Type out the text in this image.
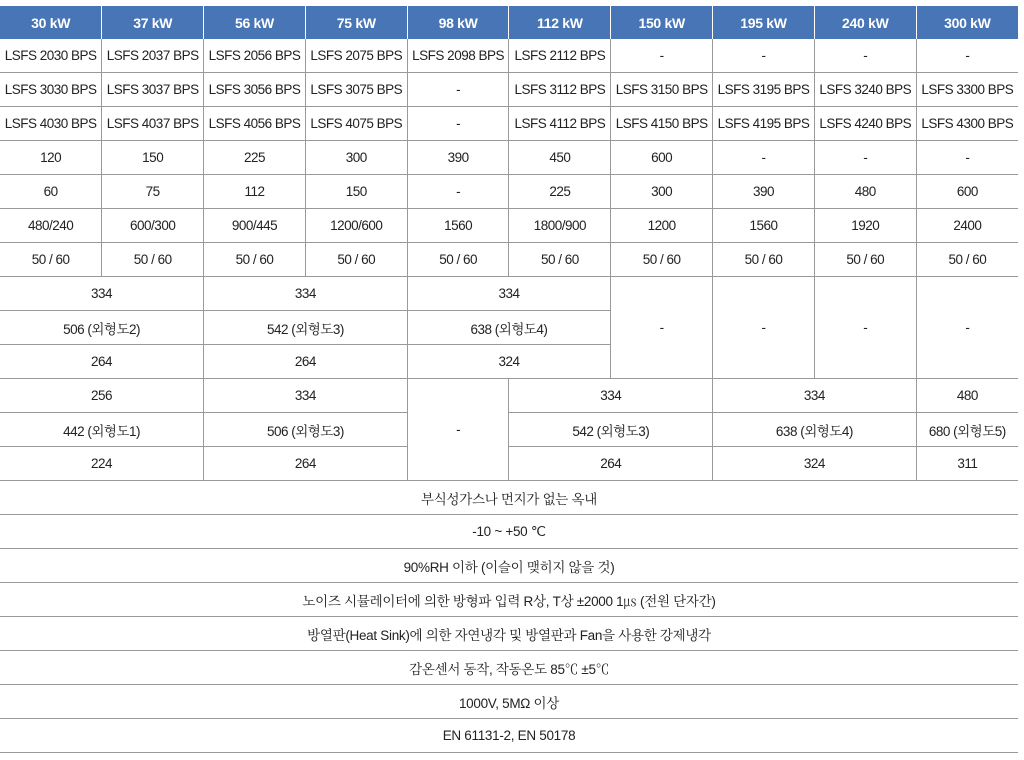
30 kW	37 kW	56 kW	75 kW	98 kW	112 kW	150 kW	195 kW	240 kW	300 kW
LSFS 2030 BPS	LSFS 2037 BPS	LSFS 2056 BPS	LSFS 2075 BPS	LSFS 2098 BPS	LSFS 2112 BPS	-	-	-	-
LSFS 3030 BPS	LSFS 3037 BPS	LSFS 3056 BPS	LSFS 3075 BPS	-	LSFS 3112 BPS	LSFS 3150 BPS	LSFS 3195 BPS	LSFS 3240 BPS	LSFS 3300 BPS
LSFS 4030 BPS	LSFS 4037 BPS	LSFS 4056 BPS	LSFS 4075 BPS	-	LSFS 4112 BPS	LSFS 4150 BPS	LSFS 4195 BPS	LSFS 4240 BPS	LSFS 4300 BPS
120	150	225	300	390	450	600	-	-	-
60	75	112	150	-	225	300	390	480	600
480/240	600/300	900/445	1200/600	1560	1800/900	1200	1560	1920	2400
50 / 60	50 / 60	50 / 60	50 / 60	50 / 60	50 / 60	50 / 60	50 / 60	50 / 60	50 / 60
334		334		334		-	-	-	-
506 (외형도2)		542 (외형도3)		638 (외형도4)					
264		264		324					
256		334		-	334		334		480
442 (외형도1)		506 (외형도3)			542 (외형도3)		638 (외형도4)		680 (외형도5)
224		264			264		324		311
부식성가스나 먼지가 없는 옥내									
-10 ~ +50 ℃									
90%RH 이하 (이슬이 맺히지 않을 것)									
노이즈 시뮬레이터에 의한 방형파 입력 R상, T상 ±2000 1㎲ (전원 단자간)									
방열판(Heat Sink)에 의한 자연냉각 및 방열판과 Fan을 사용한 강제냉각									
감온센서 동작, 작동온도 85℃ ±5℃									
1000V, 5MΩ 이상									
EN 61131-2, EN 50178									
